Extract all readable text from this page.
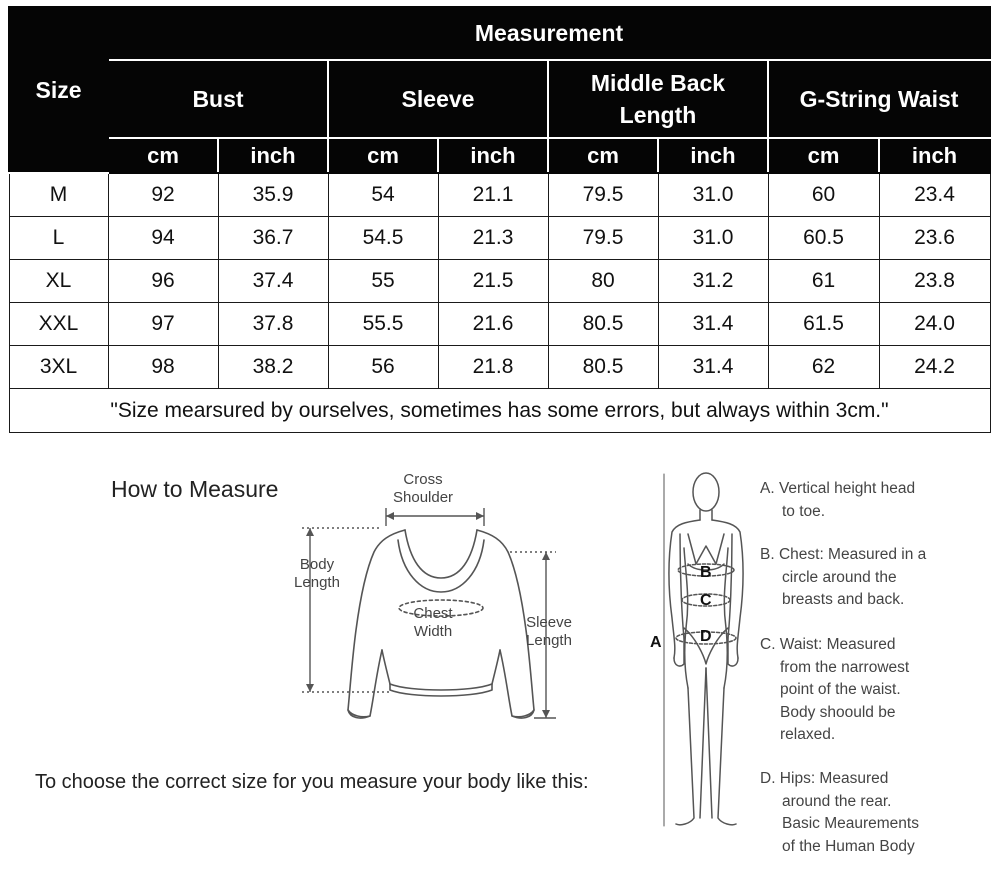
Size	Measurement							
	Bust		Sleeve		Middle Back Length		G-String Waist	
	cm	inch	cm	inch	cm	inch	cm	inch
M	92	35.9	54	21.1	79.5	31.0	60	23.4
L	94	36.7	54.5	21.3	79.5	31.0	60.5	23.6
XL	96	37.4	55	21.5	80	31.2	61	23.8
XXL	97	37.8	55.5	21.6	80.5	31.4	61.5	24.0
3XL	98	38.2	56	21.8	80.5	31.4	62	24.2
"Size mearsured by ourselves, sometimes has some errors, but always within 3cm."								
How to Measure	Cross
Shoulder
Body
Length
Chest
Width
Sleeve
Length
To choose the correct size for you measure your body like this:
A
B
C
D
A. Vertical height head
to toe.
B. Chest: Measured in a
circle around the
breasts and back.
C. Waist: Measured
from the narrowest
point of the waist.
Body shoould be
relaxed.
D. Hips: Measured
around the rear.
Basic Meaurements
of the Human Body
